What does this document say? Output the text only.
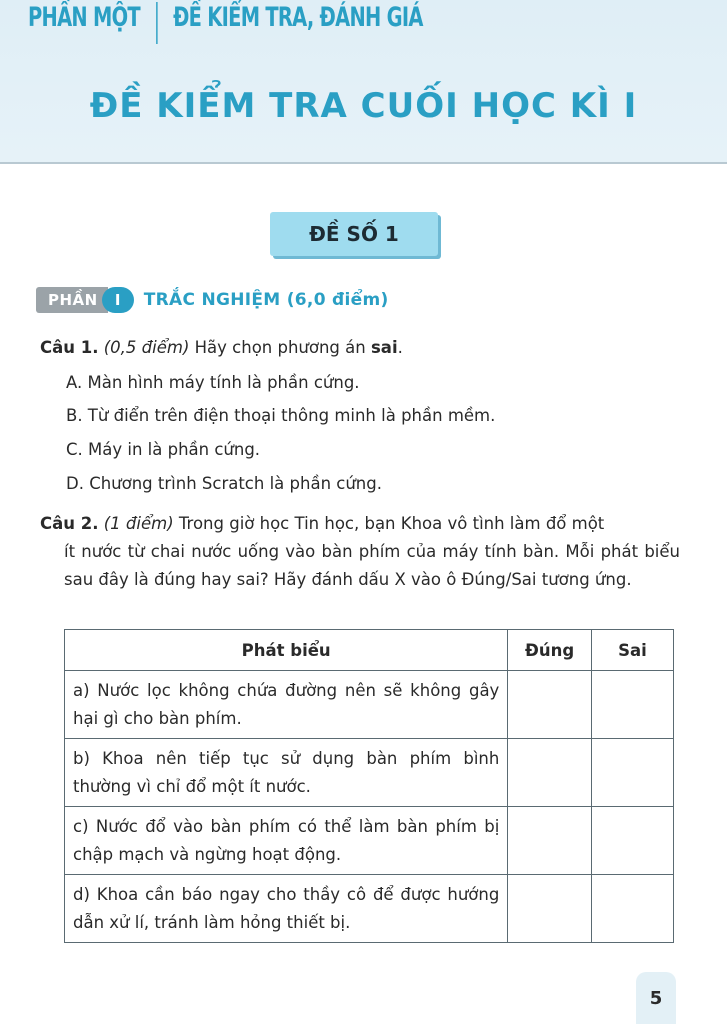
PHẦN MỘT ĐỀ KIỂM TRA, ĐÁNH GIÁ
ĐỀ KIỂM TRA CUỐI HỌC KÌ I
ĐỀ SỐ 1
PHẦN	I	TRẮC NGHIỆM (6,0 điểm)
Câu 1. (0,5 điểm) Hãy chọn phương án sai.
A. Màn hình máy tính là phần cứng.
B. Từ điển trên điện thoại thông minh là phần mềm.
C. Máy in là phần cứng.
D. Chương trình Scratch là phần cứng.
Câu 2. (1 điểm) Trong giờ học Tin học, bạn Khoa vô tình làm đổ một
ít nước từ chai nước uống vào bàn phím của máy tính bàn. Mỗi phát biểu sau đây là đúng hay sai? Hãy đánh dấu X vào ô Đúng/Sai tương ứng.
Phát biểu	Đúng	Sai
a) Nước lọc không chứa đường nên sẽ không gây hại gì cho bàn phím.		
b) Khoa nên tiếp tục sử dụng bàn phím bình thường vì chỉ đổ một ít nước.		
c) Nước đổ vào bàn phím có thể làm bàn phím bị chập mạch và ngừng hoạt động.		
d) Khoa cần báo ngay cho thầy cô để được hướng dẫn xử lí, tránh làm hỏng thiết bị.		
5
